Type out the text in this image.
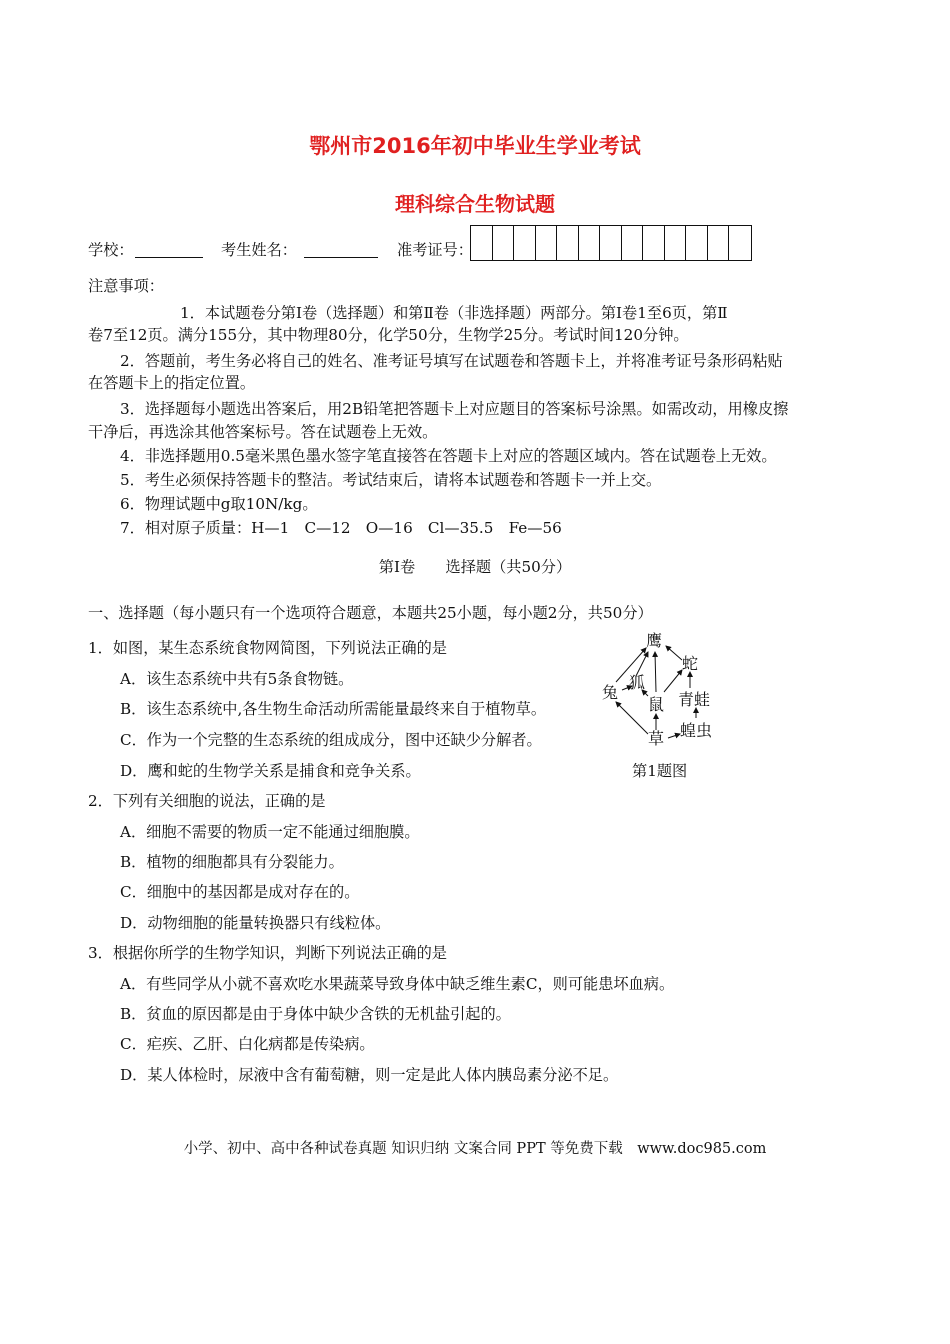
鄂州市2016年初中毕业生学业考试
理科综合生物试题
学校：	考生姓名：	准考证号：
注意事项：
1．本试题卷分第Ⅰ卷（选择题）和第Ⅱ卷（非选择题）两部分。第Ⅰ卷1至6页，第Ⅱ
卷7至12页。满分155分，其中物理80分，化学50分，生物学25分。考试时间120分钟。
2．答题前，考生务必将自己的姓名、准考证号填写在试题卷和答题卡上，并将准考证号条形码粘贴
在答题卡上的指定位置。
3．选择题每小题选出答案后，用2B铅笔把答题卡上对应题目的答案标号涂黑。如需改动，用橡皮擦
干净后，再选涂其他答案标号。答在试题卷上无效。
4．非选择题用0.5毫米黑色墨水签字笔直接答在答题卡上对应的答题区域内。答在试题卷上无效。
5．考生必须保持答题卡的整洁。考试结束后，请将本试题卷和答题卡一并上交。
6．物理试题中g取10N/kg。
7．相对原子质量：H—1　C—12　O—16　Cl—35.5　Fe—56
第Ⅰ卷　　选择题（共50分）
一、选择题（每小题只有一个选项符合题意，本题共25小题，每小题2分，共50分）
1．如图，某生态系统食物网简图，下列说法正确的是
A．该生态系统中共有5条食物链。
B．该生态系统中,各生物生命活动所需能量最终来自于植物草。
C．作为一个完整的生态系统的组成成分，图中还缺少分解者。
D．鹰和蛇的生物学关系是捕食和竞争关系。
鹰
蛇
狐
兔
鼠 青蛙
草 蝗虫
第1题图
2．下列有关细胞的说法，正确的是
A．细胞不需要的物质一定不能通过细胞膜。
B．植物的细胞都具有分裂能力。
C．细胞中的基因都是成对存在的。
D．动物细胞的能量转换器只有线粒体。
3．根据你所学的生物学知识，判断下列说法正确的是
A．有些同学从小就不喜欢吃水果蔬菜导致身体中缺乏维生素C，则可能患坏血病。
B．贫血的原因都是由于身体中缺少含铁的无机盐引起的。
C．疟疾、乙肝、白化病都是传染病。
D．某人体检时，尿液中含有葡萄糖，则一定是此人体内胰岛素分泌不足。
小学、初中、高中各种试卷真题 知识归纳 文案合同 PPT 等免费下载　www.doc985.com
